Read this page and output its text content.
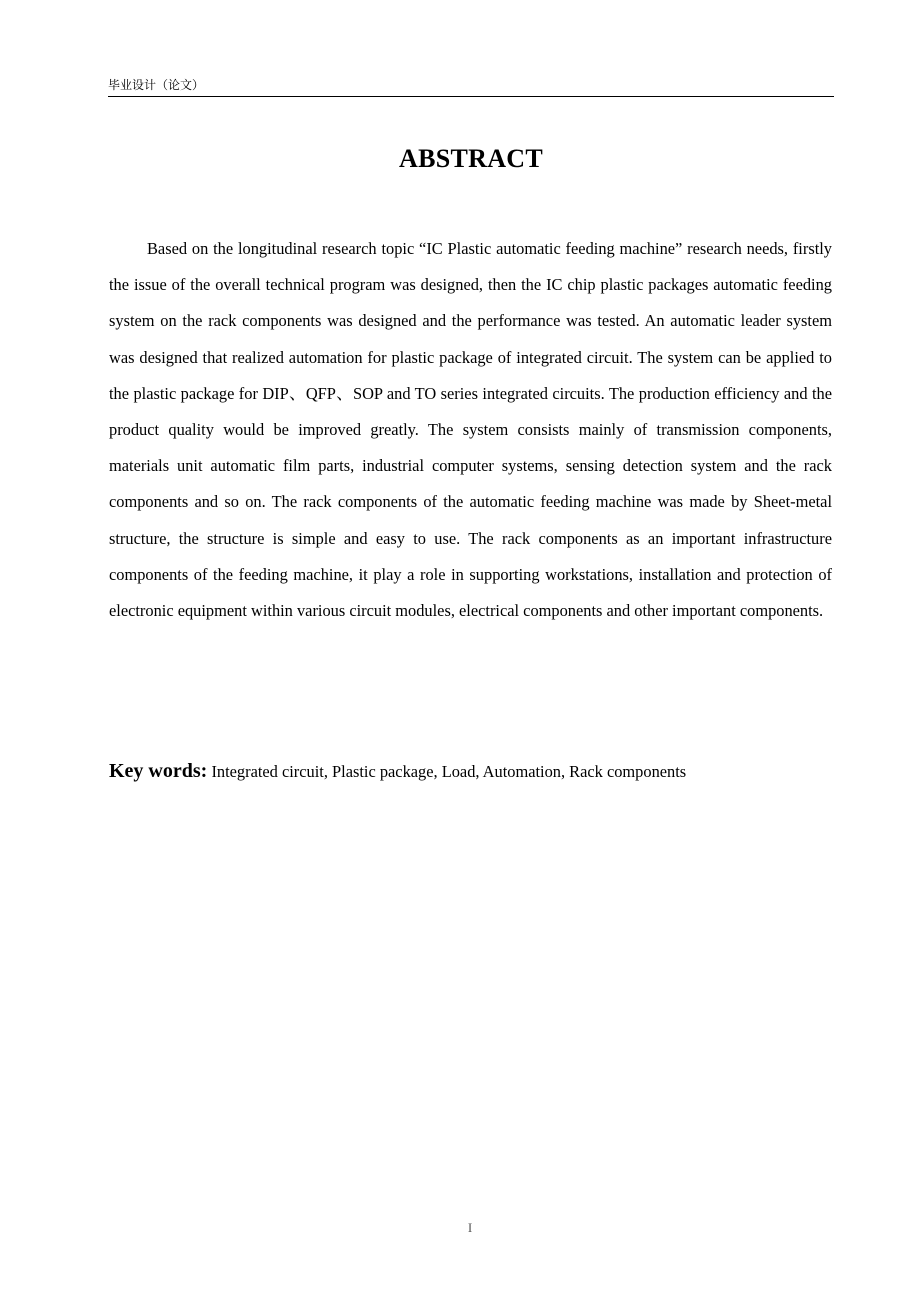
毕业设计（论文）
ABSTRACT

Based on the longitudinal research topic “IC Plastic automatic feeding machine” research needs, firstly the issue of the overall technical program was designed, then the IC chip plastic packages automatic feeding system on the rack components was designed and the performance was tested. An automatic leader system was designed that realized automation for plastic package of integrated circuit. The system can be applied to the plastic package for DIP、QFP、SOP and TO series integrated circuits. The production efficiency and the product quality would be improved greatly. The system consists mainly of transmission components, materials unit automatic film parts, industrial computer systems, sensing detection system and the rack components and so on. The rack components of the automatic feeding machine was made by Sheet-metal structure, the structure is simple and easy to use. The rack components as an important infrastructure components of the feeding machine, it play a role in supporting workstations, installation and protection of electronic equipment within various circuit modules, electrical components and other important components.

Key words: Integrated circuit, Plastic package, Load, Automation, Rack components
I
